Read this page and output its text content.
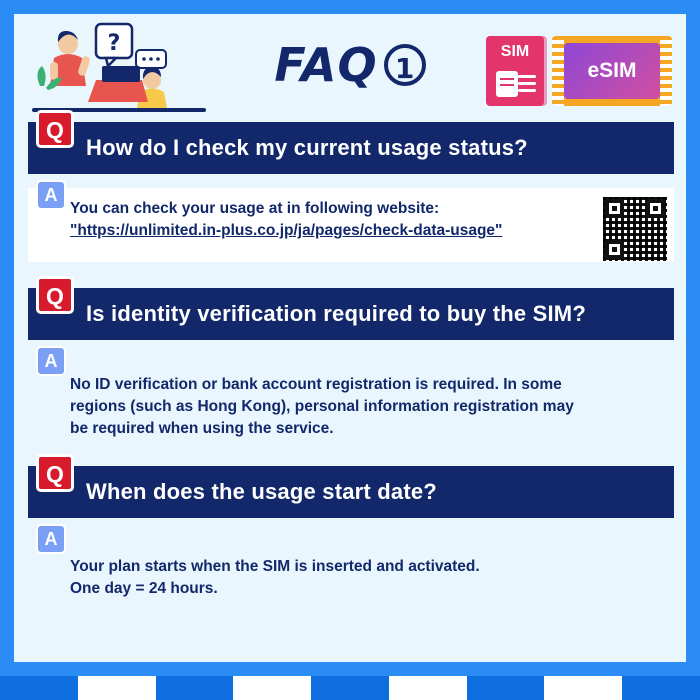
?	FAQ 1
SIM
eSIM
Q
How do I check my current usage status?
A
You can check your usage at in following website:
"https://unlimited.in-plus.co.jp/ja/pages/check-data-usage"
Q
Is identity verification required to buy the SIM?
A
No ID verification or bank account registration is required. In some
regions (such as Hong Kong), personal information registration may
be required when using the service.
Q
When does the usage start date?
A
Your plan starts when the SIM is inserted and activated.
One day = 24 hours.
